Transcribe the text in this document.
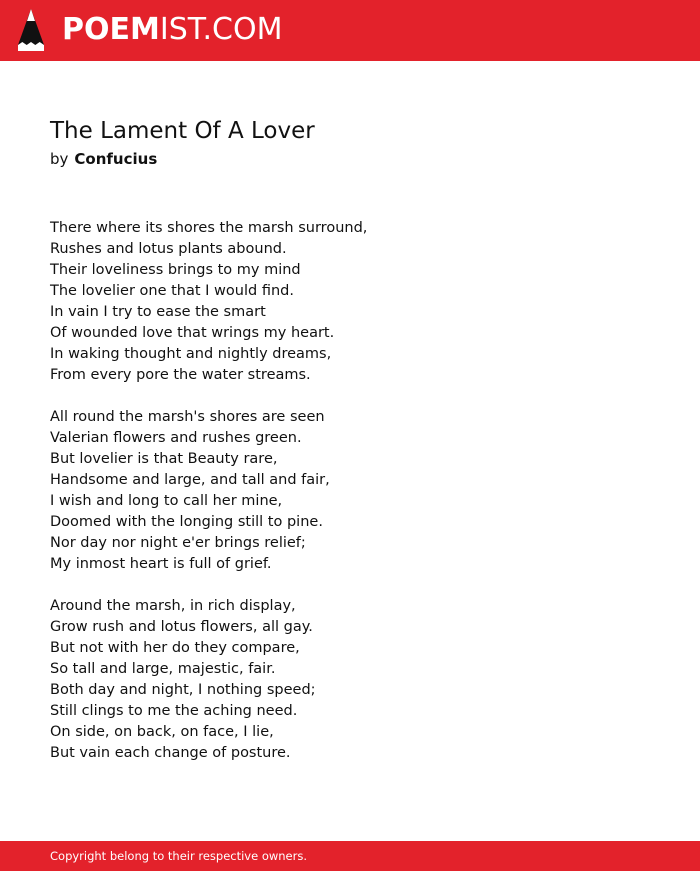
POEMIST.COM
The Lament Of A Lover
by Confucius
There where its shores the marsh surround,
Rushes and lotus plants abound.
Their loveliness brings to my mind
The lovelier one that I would find.
In vain I try to ease the smart
Of wounded love that wrings my heart.
In waking thought and nightly dreams,
From every pore the water streams.
All round the marsh's shores are seen
Valerian flowers and rushes green.
But lovelier is that Beauty rare,
Handsome and large, and tall and fair,
I wish and long to call her mine,
Doomed with the longing still to pine.
Nor day nor night e'er brings relief;
My inmost heart is full of grief.
Around the marsh, in rich display,
Grow rush and lotus flowers, all gay.
But not with her do they compare,
So tall and large, majestic, fair.
Both day and night, I nothing speed;
Still clings to me the aching need.
On side, on back, on face, I lie,
But vain each change of posture.
Copyright belong to their respective owners.
